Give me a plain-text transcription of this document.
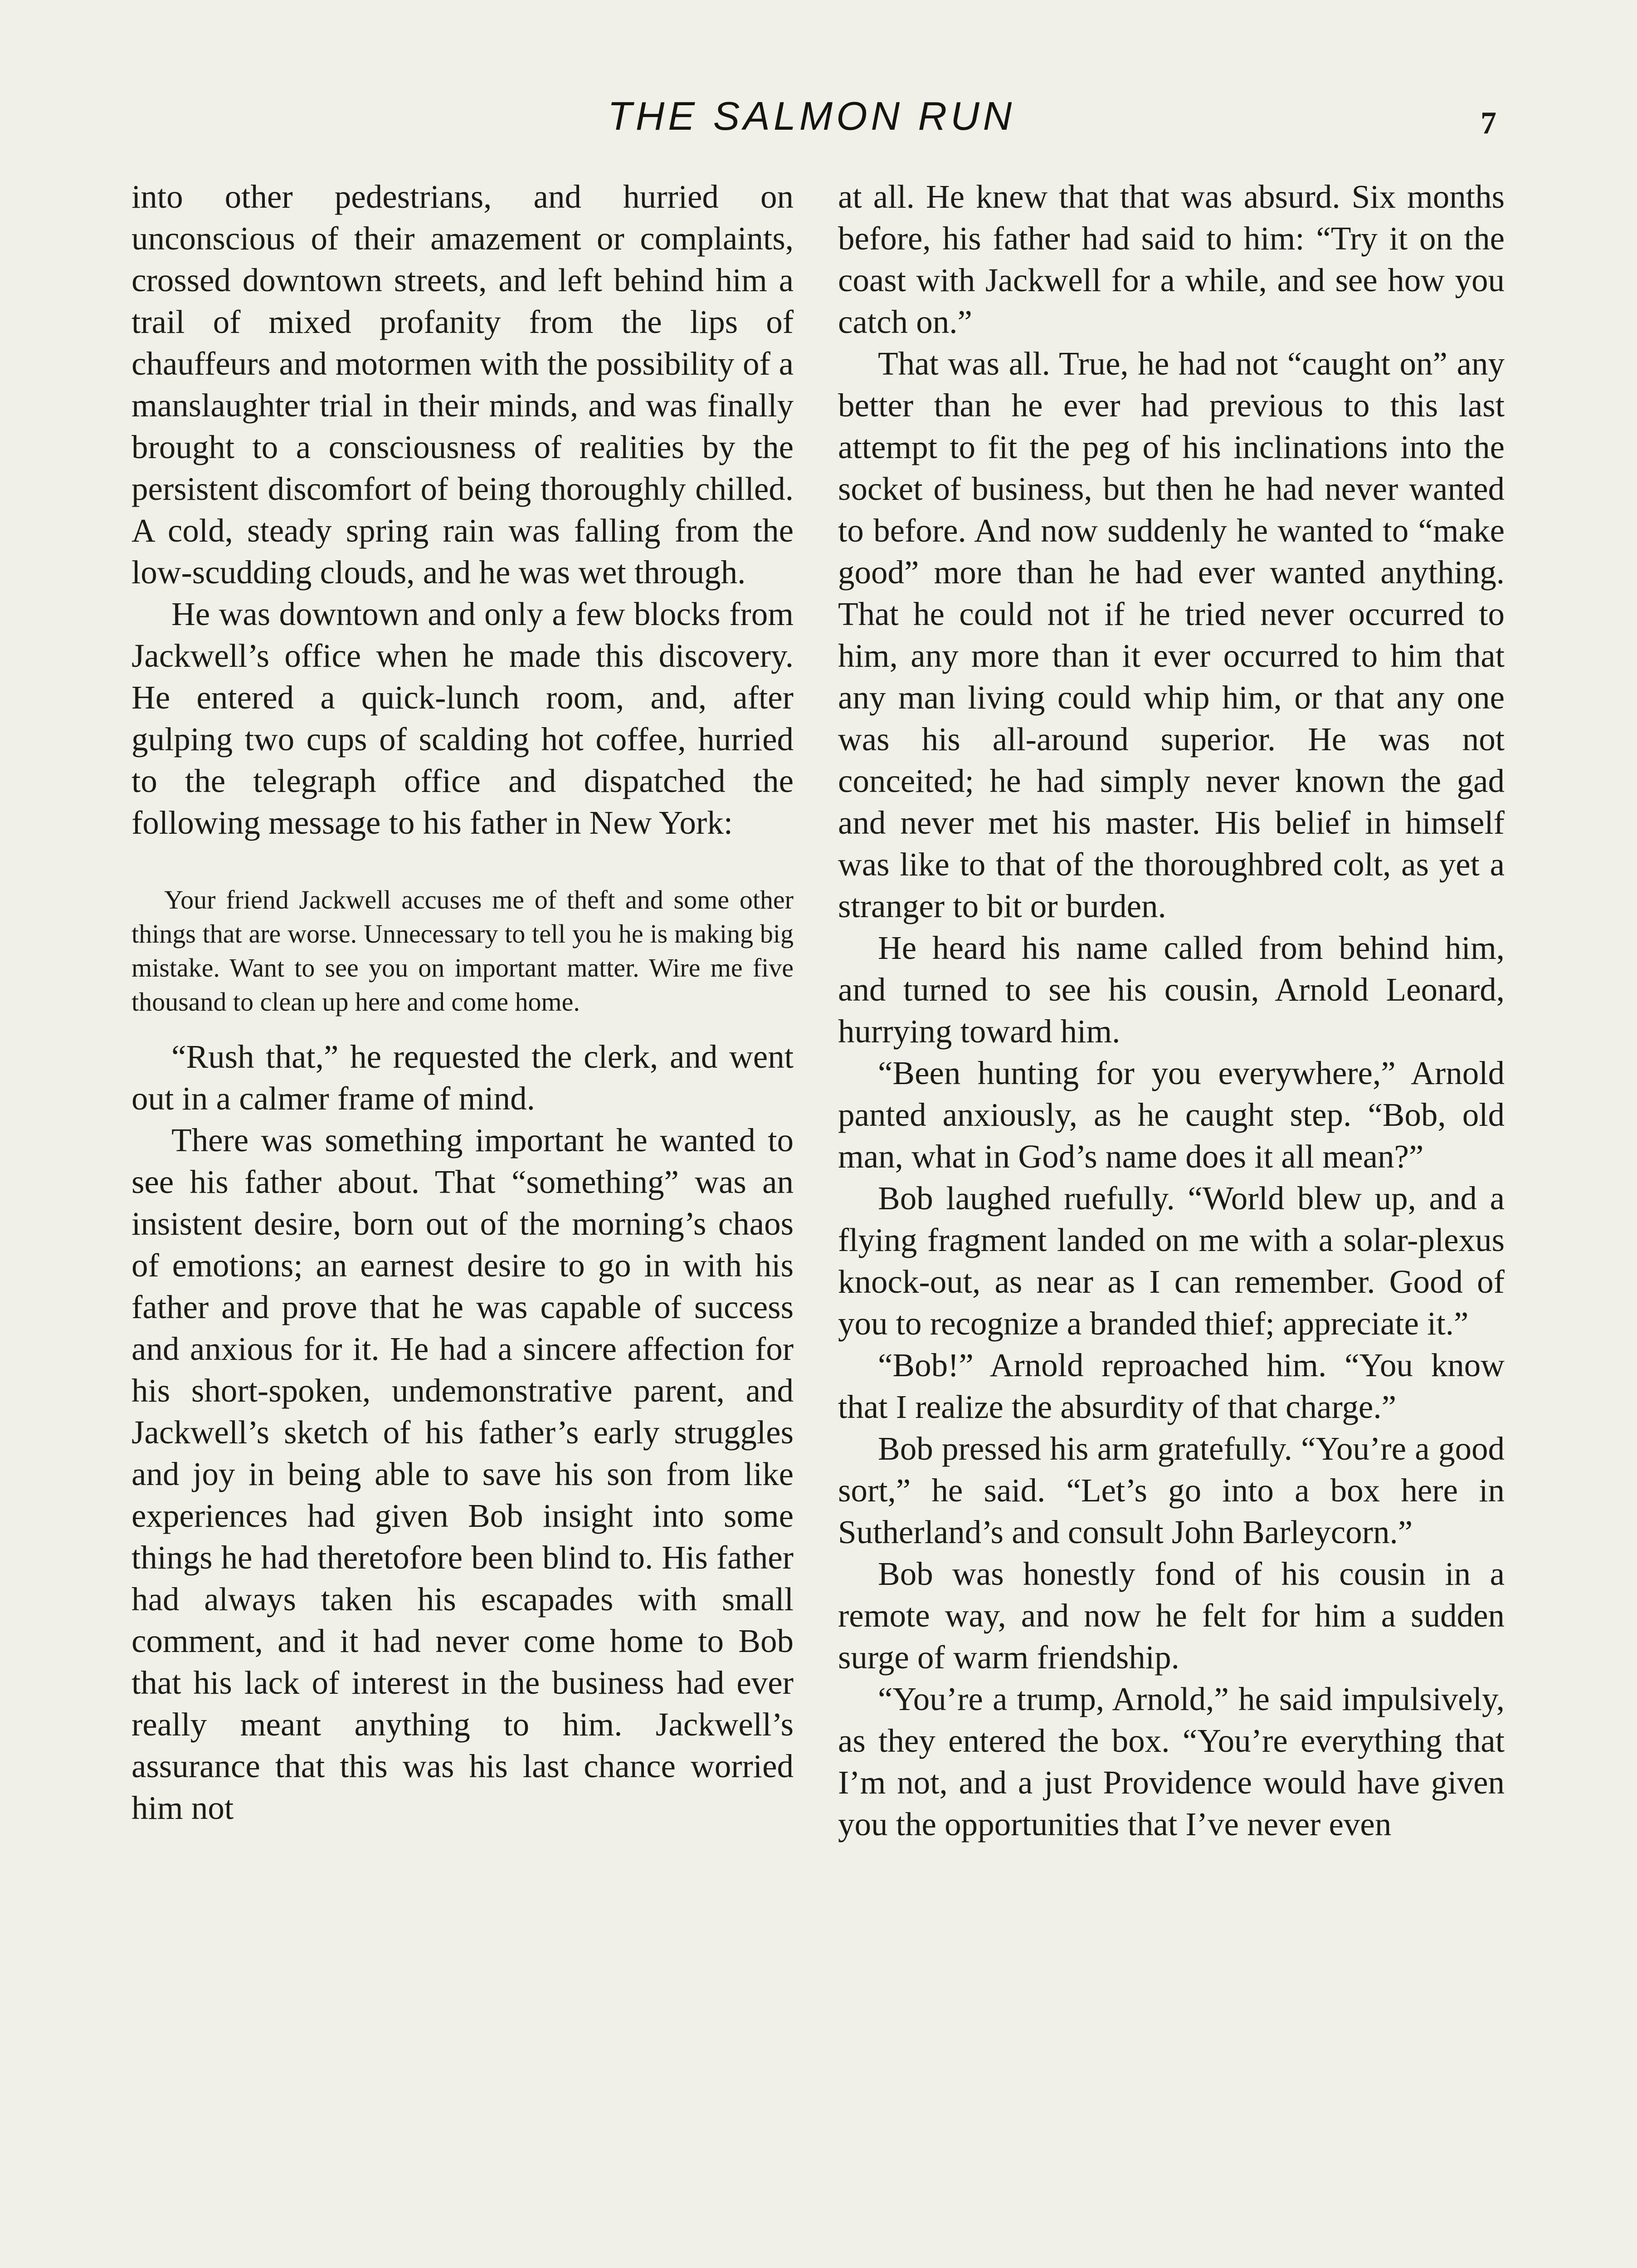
THE SALMON RUN	7

into other pedestrians, and hurried on unconscious of their amazement or complaints, crossed downtown streets, and left behind him a trail of mixed profanity from the lips of chauffeurs and motormen with the possibility of a manslaughter trial in their minds, and was finally brought to a consciousness of realities by the persistent discomfort of being thoroughly chilled. A cold, steady spring rain was falling from the low-scudding clouds, and he was wet through.

He was downtown and only a few blocks from Jackwell’s office when he made this discovery. He entered a quick-lunch room, and, after gulping two cups of scalding hot coffee, hurried to the telegraph office and dispatched the following message to his father in New York:

Your friend Jackwell accuses me of theft and some other things that are worse. Unnecessary to tell you he is making big mistake. Want to see you on important matter. Wire me five thousand to clean up here and come home.

“Rush that,” he requested the clerk, and went out in a calmer frame of mind.

There was something important he wanted to see his father about. That “something” was an insistent desire, born out of the morning’s chaos of emotions; an earnest desire to go in with his father and prove that he was capable of success and anxious for it. He had a sincere affection for his short-spoken, undemonstrative parent, and Jackwell’s sketch of his father’s early struggles and joy in being able to save his son from like experiences had given Bob insight into some things he had theretofore been blind to. His father had always taken his escapades with small comment, and it had never come home to Bob that his lack of interest in the business had ever really meant anything to him. Jackwell’s assurance that this was his last chance worried him not

at all. He knew that that was absurd. Six months before, his father had said to him: “Try it on the coast with Jackwell for a while, and see how you catch on.”

That was all. True, he had not “caught on” any better than he ever had previous to this last attempt to fit the peg of his inclinations into the socket of business, but then he had never wanted to before. And now suddenly he wanted to “make good” more than he had ever wanted anything. That he could not if he tried never occurred to him, any more than it ever occurred to him that any man living could whip him, or that any one was his all-around superior. He was not conceited; he had simply never known the gad and never met his master. His belief in himself was like to that of the thoroughbred colt, as yet a stranger to bit or burden.

He heard his name called from behind him, and turned to see his cousin, Arnold Leonard, hurrying toward him.

“Been hunting for you everywhere,” Arnold panted anxiously, as he caught step. “Bob, old man, what in God’s name does it all mean?”

Bob laughed ruefully. “World blew up, and a flying fragment landed on me with a solar-plexus knock-out, as near as I can remember. Good of you to recognize a branded thief; appreciate it.”

“Bob!” Arnold reproached him. “You know that I realize the absurdity of that charge.”

Bob pressed his arm gratefully. “You’re a good sort,” he said. “Let’s go into a box here in Sutherland’s and consult John Barleycorn.”

Bob was honestly fond of his cousin in a remote way, and now he felt for him a sudden surge of warm friendship.

“You’re a trump, Arnold,” he said impulsively, as they entered the box. “You’re everything that I’m not, and a just Providence would have given you the opportunities that I’ve never even
